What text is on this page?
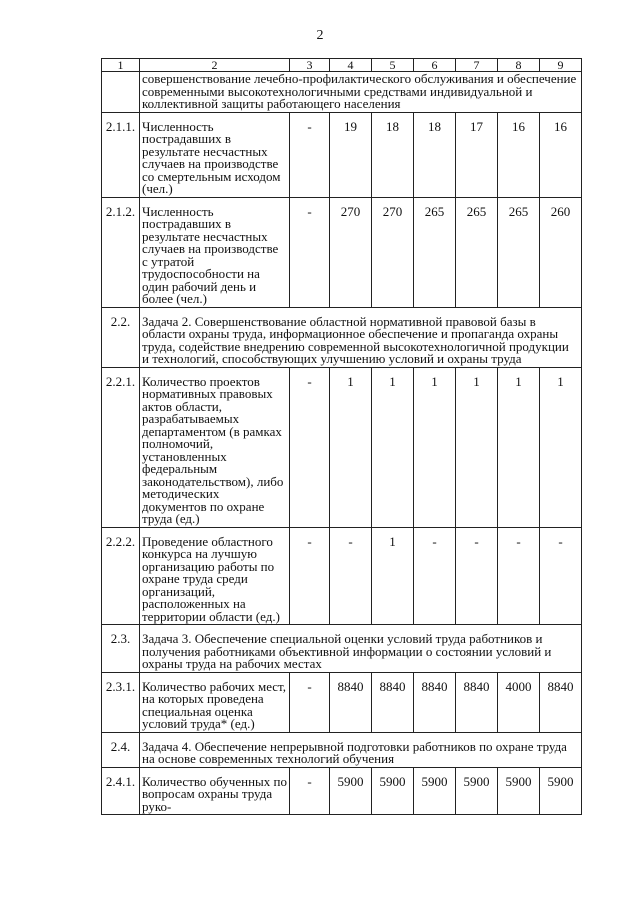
2
1	2	3	4	5	6	7	8	9
	совершенствование лечебно-профилактического обслуживания и обеспечение современными высокотехнологичными средствами индивидуальной и коллективной защиты работающего населения							
2.1.1.	Численность пострадавших в результате несчастных случаев на производстве со смертельным исходом (чел.)	-	19	18	18	17	16	16
2.1.2.	Численность пострадавших в результате несчастных случаев на производстве с утратой трудоспособности на один рабочий день и более (чел.)	-	270	270	265	265	265	260
2.2.	Задача 2. Совершенствование областной нормативной правовой базы в области охраны труда, информационное обеспечение и пропаганда охраны труда, содействие внедрению современной высокотехнологичной продукции и технологий, способствующих улучшению условий и охраны труда							
2.2.1.	Количество проектов нормативных правовых актов области, разрабатываемых департаментом (в рамках полномочий, установленных федеральным законодательством), либо методических документов по охране труда (ед.)	-	1	1	1	1	1	1
2.2.2.	Проведение областного конкурса на лучшую организацию работы по охране труда среди организаций, расположенных на территории области (ед.)	-	-	1	-	-	-	-
2.3.	Задача 3. Обеспечение специальной оценки условий труда работников и получения работниками объективной информации о состоянии условий и охраны труда на рабочих местах							
2.3.1.	Количество рабочих мест, на которых проведена специальная оценка условий труда* (ед.)	-	8840	8840	8840	8840	4000	8840
2.4.	Задача 4. Обеспечение непрерывной подготовки работников по охране труда на основе современных технологий обучения							
2.4.1.	Количество обученных по вопросам охраны труда руко-	-	5900	5900	5900	5900	5900	5900
